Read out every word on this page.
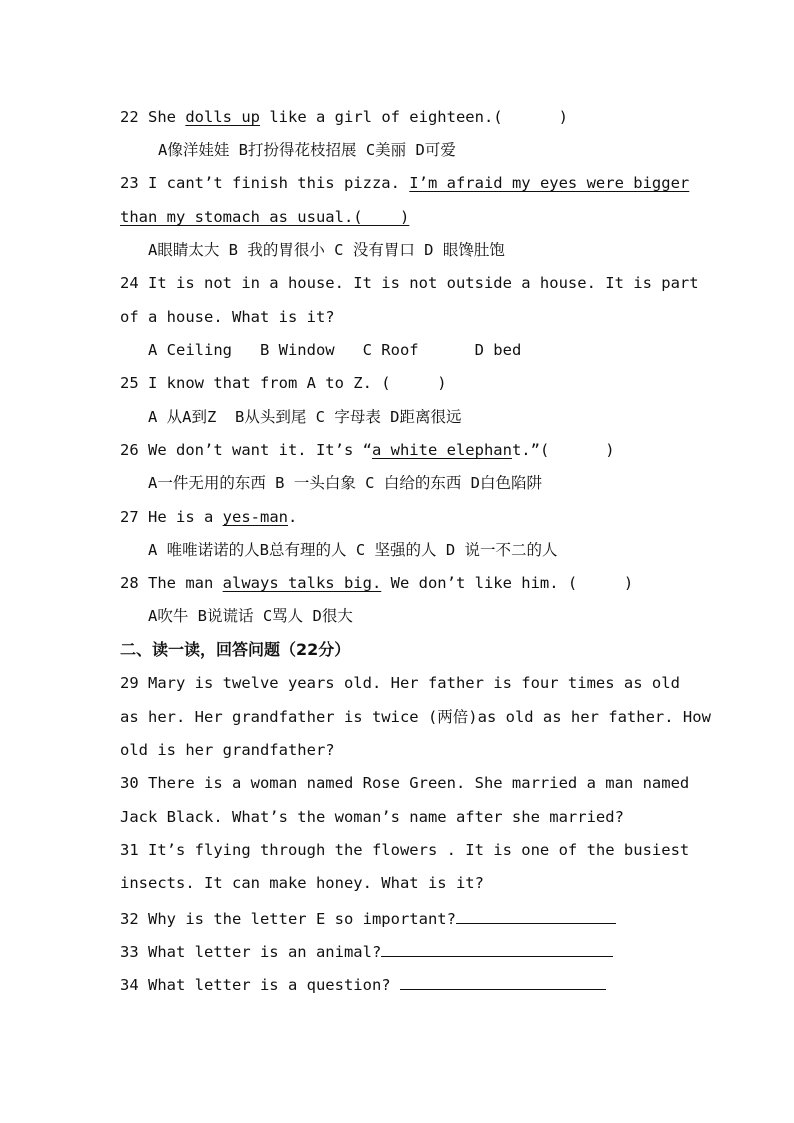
22 She dolls up like a girl of eighteen.(      )
A像洋娃娃 B打扮得花枝招展 C美丽 D可爱
23 I cant’t finish this pizza. I’m afraid my eyes were bigger
than my stomach as usual.(    )
A眼睛太大 B 我的胃很小 C 没有胃口 D 眼馋肚饱
24 It is not in a house. It is not outside a house. It is part
of a house. What is it?
A Ceiling   B Window   C Roof      D bed
25 I know that from A to Z. (     )
A 从A到Z  B从头到尾 C 字母表 D距离很远
26 We don’t want it. It’s “a white elephant.”(      )
A一件无用的东西 B 一头白象 C 白给的东西 D白色陷阱
27 He is a yes-man.
A 唯唯诺诺的人B总有理的人 C 坚强的人 D 说一不二的人
28 The man always talks big. We don’t like him. (     )
A吹牛 B说谎话 C骂人 D很大
二、读一读，回答问题（22分）
29 Mary is twelve years old. Her father is four times as old
as her. Her grandfather is twice (两倍)as old as her father. How
old is her grandfather?
30 There is a woman named Rose Green. She married a man named
Jack Black. What’s the woman’s name after she married?
31 It’s flying through the flowers . It is one of the busiest
insects. It can make honey. What is it?
32 Why is the letter E so important?
33 What letter is an animal?
34 What letter is a question?
